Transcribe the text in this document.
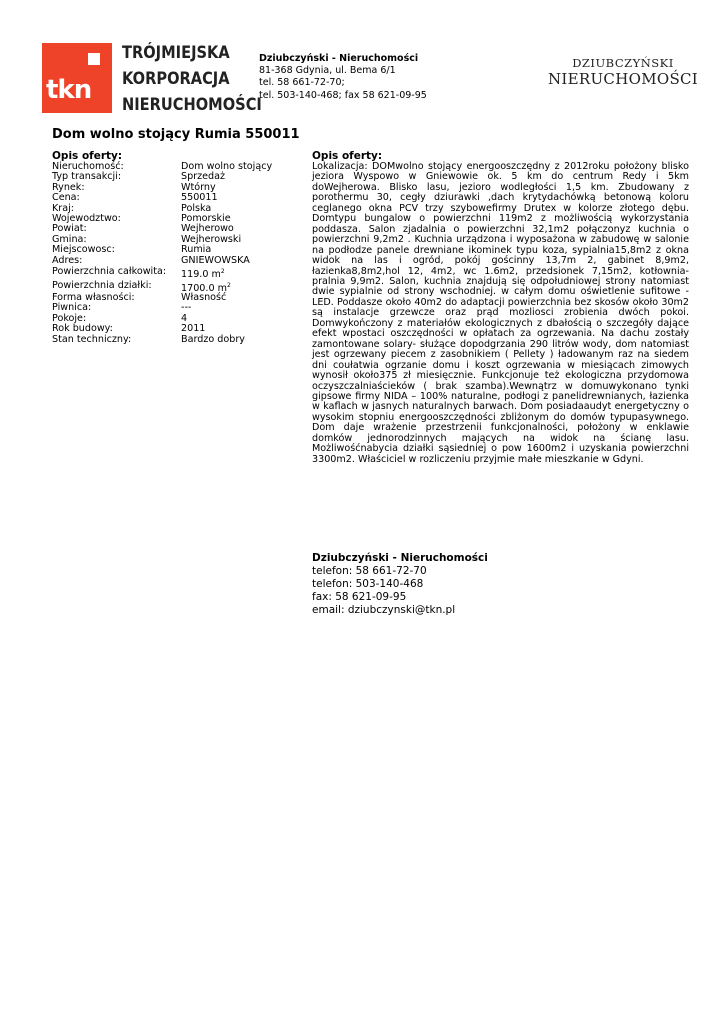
tkn
TRÓJMIEJSKA
KORPORACJA
NIERUCHOMOŚCI
Dziubczyński - Nieruchomości
81-368 Gdynia, ul. Bema 6/1
tel. 58 661-72-70;
tel. 503-140-468; fax 58 621-09-95
DZIUBCZYŃSKI
NIERUCHOMOŚCI
Dom wolno stojący Rumia 550011
Opis oferty:
Nieruchomość:	Dom wolno stojący
Typ transakcji:	Sprzedaż
Rynek:	Wtórny
Cena:	550011
Kraj:	Polska
Wojewodztwo:	Pomorskie
Powiat:	Wejherowo
Gmina:	Wejherowski
Miejscowosc:	Rumia
Adres:	GNIEWOWSKA
Powierzchnia całkowita:	119.0 $m^2$
Powierzchnia działki:	1700.0 $m^2$
Forma własności:	Własność
Piwnica:	---
Pokoje:	4
Rok budowy:	2011
Stan techniczny:	Bardzo dobry
Opis oferty:
Lokalizacja: DOMwolno stojący energooszczędny z 2012roku położony blisko jeziora Wyspowo w Gniewowie ok. 5 km do centrum Redy i 5km doWejherowa. Blisko lasu, jezioro wodległości 1,5 km. Zbudowany z porothermu 30, cegły dziurawki ,dach krytydachówką betonową koloru ceglanego okna PCV trzy szybowefirmy Drutex w kolorze złotego dębu. Domtypu bungalow o powierzchni 119m2 z możliwością wykorzystania poddasza. Salon zjadalnia o powierzchni 32,1m2 połączonyz kuchnia o powierzchni 9,2m2 . Kuchnia urządzona i wyposażona w zabudowę w salonie na podłodze panele drewniane ikominek typu koza, sypialnia15,8m2 z okna widok na las i ogród, pokój gościnny 13,7m 2, gabinet 8,9m2, łazienka8,8m2,hol 12, 4m2, wc 1.6m2, przedsionek 7,15m2, kotłownia- pralnia 9,9m2. Salon, kuchnia znajdują się odpołudniowej strony natomiast dwie sypialnie od strony wschodniej. w całym domu oświetlenie sufitowe - LED. Poddasze około 40m2 do adaptacji powierzchnia bez skosów około 30m2 są instalacje grzewcze oraz prąd mozliosci zrobienia dwóch pokoi. Domwykończony z materiałów ekologicznych z dbałością o szczegóły dające efekt wpostaci oszczędności w opłatach za ogrzewania. Na dachu zostały zamontowane solary- służące dopodgrzania 290 litrów wody, dom natomiast jest ogrzewany piecem z zasobnikiem ( Pellety ) ładowanym raz na siedem dni coułatwia ogrzanie domu i koszt ogrzewania w miesiącach zimowych wynosił około375 zł miesięcznie. Funkcjonuje też ekologiczna przydomowa oczyszczalniaścieków ( brak szamba).Wewnątrz w domuwykonano tynki gipsowe firmy NIDA – 100% naturalne, podłogi z panelidrewnianych, łazienka w kaflach w jasnych naturalnych barwach. Dom posiadaaudyt energetyczny o wysokim stopniu energooszczędności zbliżonym do domów typupasywnego. Dom daje wrażenie przestrzenii funkcjonalności, położony w enklawie domków jednorodzinnych mających na widok na ścianę lasu. Możliwośćnabycia działki sąsiedniej o pow 1600m2 i uzyskania powierzchni 3300m2. Właściciel w rozliczeniu przyjmie małe mieszkanie w Gdyni.
Dziubczyński - Nieruchomości
telefon: 58 661-72-70
telefon: 503-140-468
fax: 58 621-09-95
email: dziubczynski@tkn.pl
